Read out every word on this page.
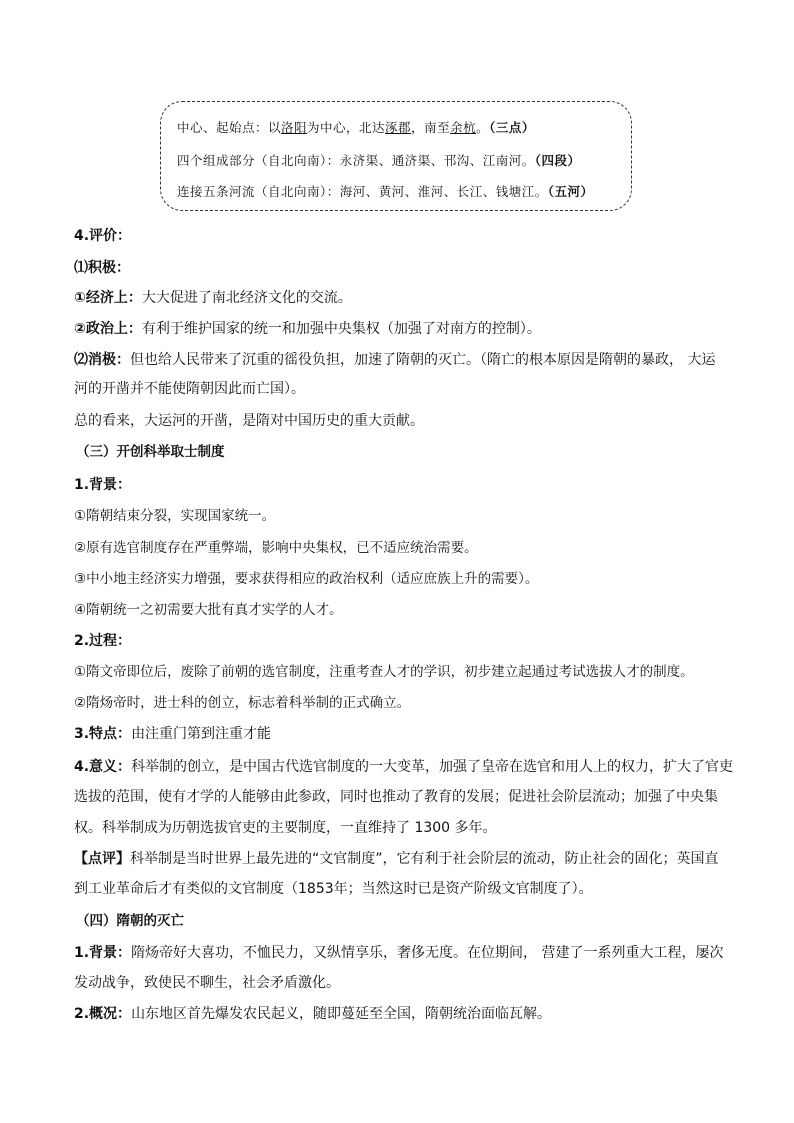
中心、起始点：以洛阳为中心，北达涿郡，南至余杭。（三点）
四个组成部分（自北向南）：永济渠、通济渠、邗沟、江南河。（四段）
连接五条河流（自北向南）：海河、黄河、淮河、长江、钱塘江。（五河）
4.评价：
⑴积极：
①经济上：大大促进了南北经济文化的交流。
②政治上：有利于维护国家的统一和加强中央集权（加强了对南方的控制）。
⑵消极：但也给人民带来了沉重的徭役负担，加速了隋朝的灭亡。（隋亡的根本原因是隋朝的暴政， 大运
河的开凿并不能使隋朝因此而亡国）。
总的看来，大运河的开凿，是隋对中国历史的重大贡献。
（三）开创科举取士制度
1.背景：
①隋朝结束分裂，实现国家统一。
②原有选官制度存在严重弊端，影响中央集权，已不适应统治需要。
③中小地主经济实力增强，要求获得相应的政治权利（适应庶族上升的需要）。
④隋朝统一之初需要大批有真才实学的人才。
2.过程：
①隋文帝即位后，废除了前朝的选官制度，注重考查人才的学识，初步建立起通过考试选拔人才的制度。
②隋炀帝时，进士科的创立，标志着科举制的正式确立。
3.特点：由注重门第到注重才能
4.意义：科举制的创立，是中国古代选官制度的一大变革，加强了皇帝在选官和用人上的权力，扩大了官吏
选拔的范围，使有才学的人能够由此参政，同时也推动了教育的发展；促进社会阶层流动；加强了中央集
权。科举制成为历朝选拔官吏的主要制度，一直维持了 1300 多年。
【点评】科举制是当时世界上最先进的“文官制度”，它有利于社会阶层的流动，防止社会的固化；英国直
到工业革命后才有类似的文官制度（1853年；当然这时已是资产阶级文官制度了）。
（四）隋朝的灭亡
1.背景：隋炀帝好大喜功，不恤民力，又纵情享乐，奢侈无度。在位期间， 营建了一系列重大工程，屡次
发动战争，致使民不聊生，社会矛盾激化。
2.概况：山东地区首先爆发农民起义，随即蔓延至全国，隋朝统治面临瓦解。
